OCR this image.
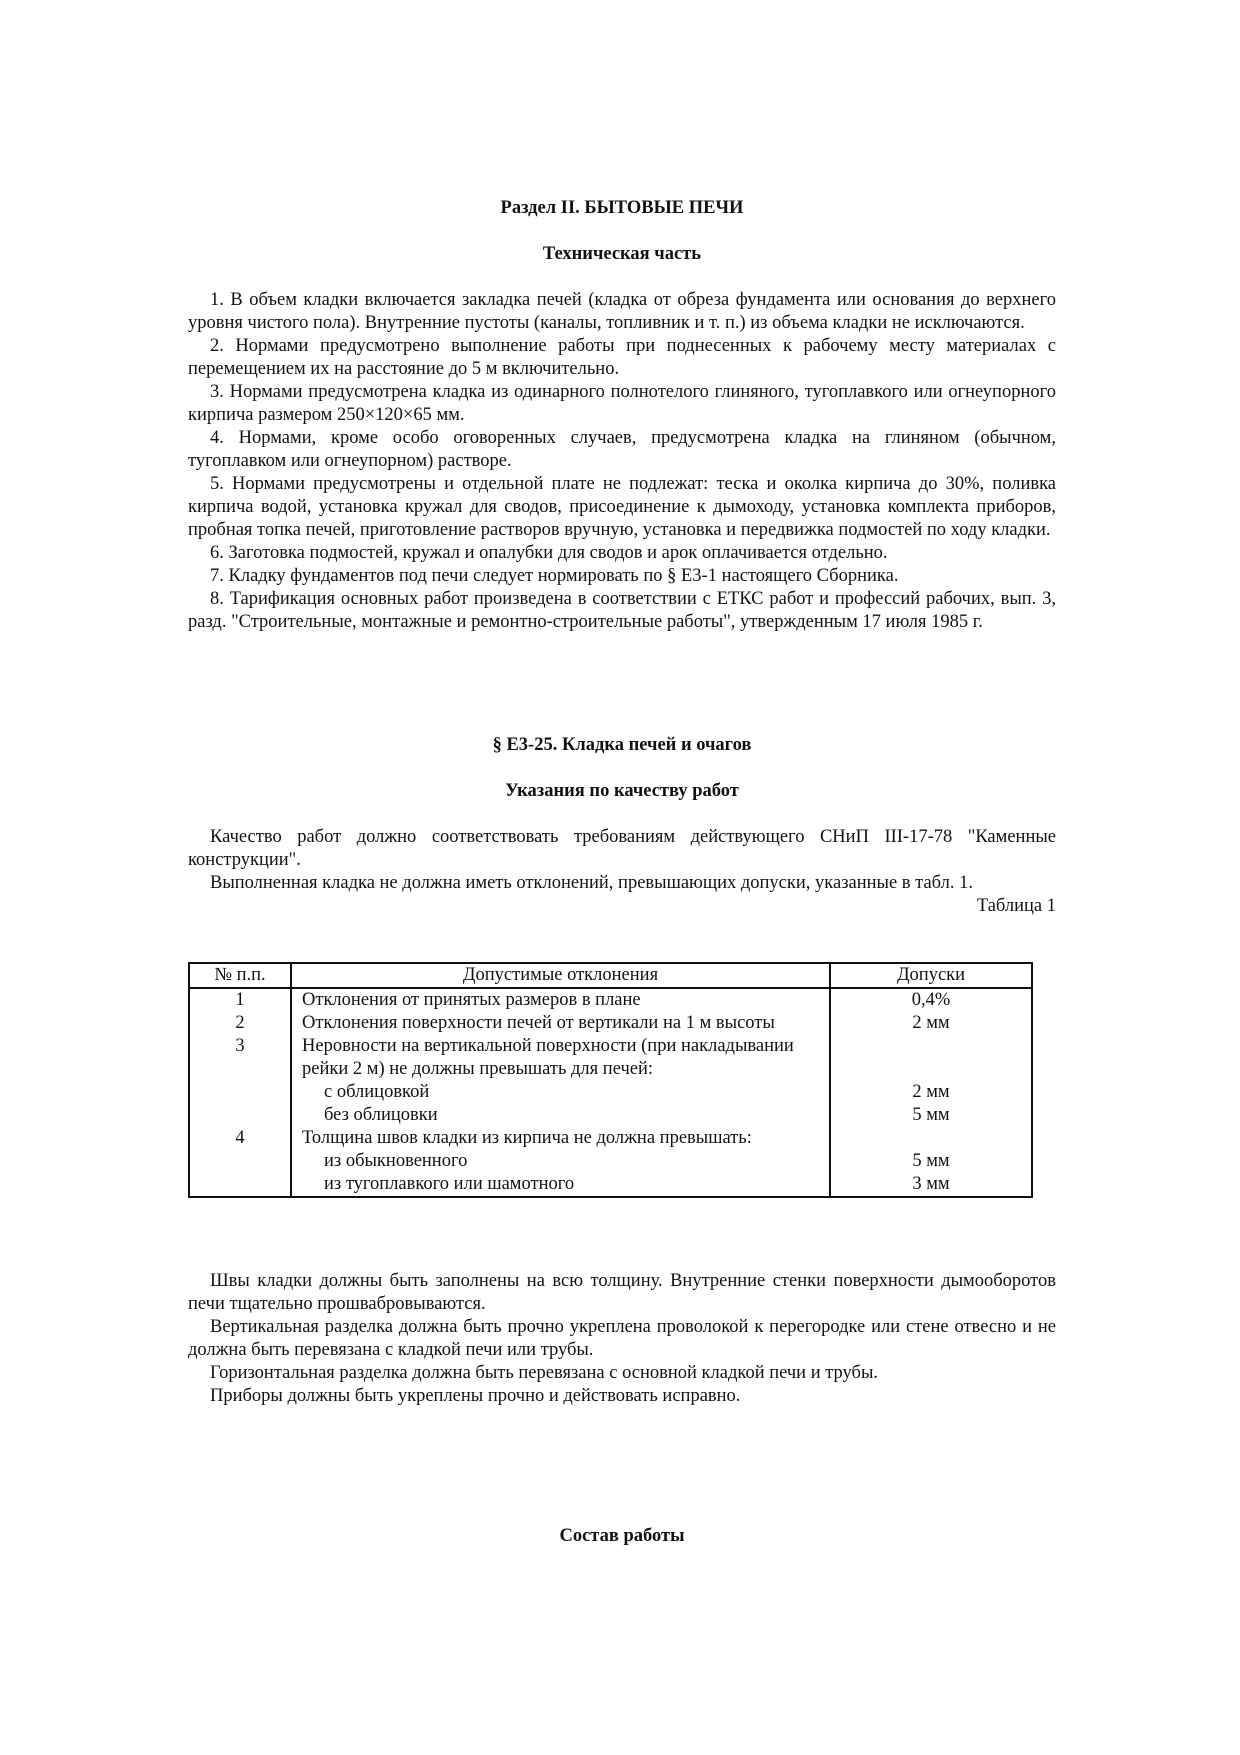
Раздел II. БЫТОВЫЕ ПЕЧИ
Техническая часть

1. В объем кладки включается закладка печей (кладка от обреза фундамента или основания до верхнего уровня чистого пола). Внутренние пустоты (каналы, топливник и т. п.) из объема кладки не исключаются.

2. Нормами предусмотрено выполнение работы при поднесенных к рабочему месту материалах с перемещением их на расстояние до 5 м включительно.

3. Нормами предусмотрена кладка из одинарного полнотелого глиняного, тугоплавкого или огнеупорного кирпича размером 250×120×65 мм.

4. Нормами, кроме особо оговоренных случаев, предусмотрена кладка на глиняном (обычном, тугоплавком или огнеупорном) растворе.

5. Нормами предусмотрены и отдельной плате не подлежат: теска и околка кирпича до 30%, поливка кирпича водой, установка кружал для сводов, присоединение к дымоходу, установка комплекта приборов, пробная топка печей, приготовление растворов вручную, установка и передвижка подмостей по ходу кладки.

6. Заготовка подмостей, кружал и опалубки для сводов и арок оплачивается отдельно.

7. Кладку фундаментов под печи следует нормировать по § Е3-1 настоящего Сборника.

8. Тарификация основных работ произведена в соответствии с ЕТКС работ и профессий рабочих, вып. 3, разд. "Строительные, монтажные и ремонтно-строительные работы", утвержденным 17 июля 1985 г.

§ Е3-25. Кладка печей и очагов
Указания по качеству работ

Качество работ должно соответствовать требованиям действующего СНиП III-17-78 "Каменные конструкции".

Выполненная кладка не должна иметь отклонений, превышающих допуски, указанные в табл. 1.

Таблица 1
№ п.п.	Допустимые отклонения	Допуски
1	Отклонения от принятых размеров в плане	0,4%
2	Отклонения поверхности печей от вертикали на 1 м высоты	2 мм
3	Неровности на вертикальной поверхности (при накладывании рейки 2 м) не должны превышать для печей:	
	с облицовкой	2 мм
	без облицовки	5 мм
4	Толщина швов кладки из кирпича не должна превышать:	
	из обыкновенного	5 мм
	из тугоплавкого или шамотного	3 мм

Швы кладки должны быть заполнены на всю толщину. Внутренние стенки поверхности дымооборотов печи тщательно прошвабровываются.

Вертикальная разделка должна быть прочно укреплена проволокой к перегородке или стене отвесно и не должна быть перевязана с кладкой печи или трубы.

Горизонтальная разделка должна быть перевязана с основной кладкой печи и трубы.

Приборы должны быть укреплены прочно и действовать исправно.

Состав работы
